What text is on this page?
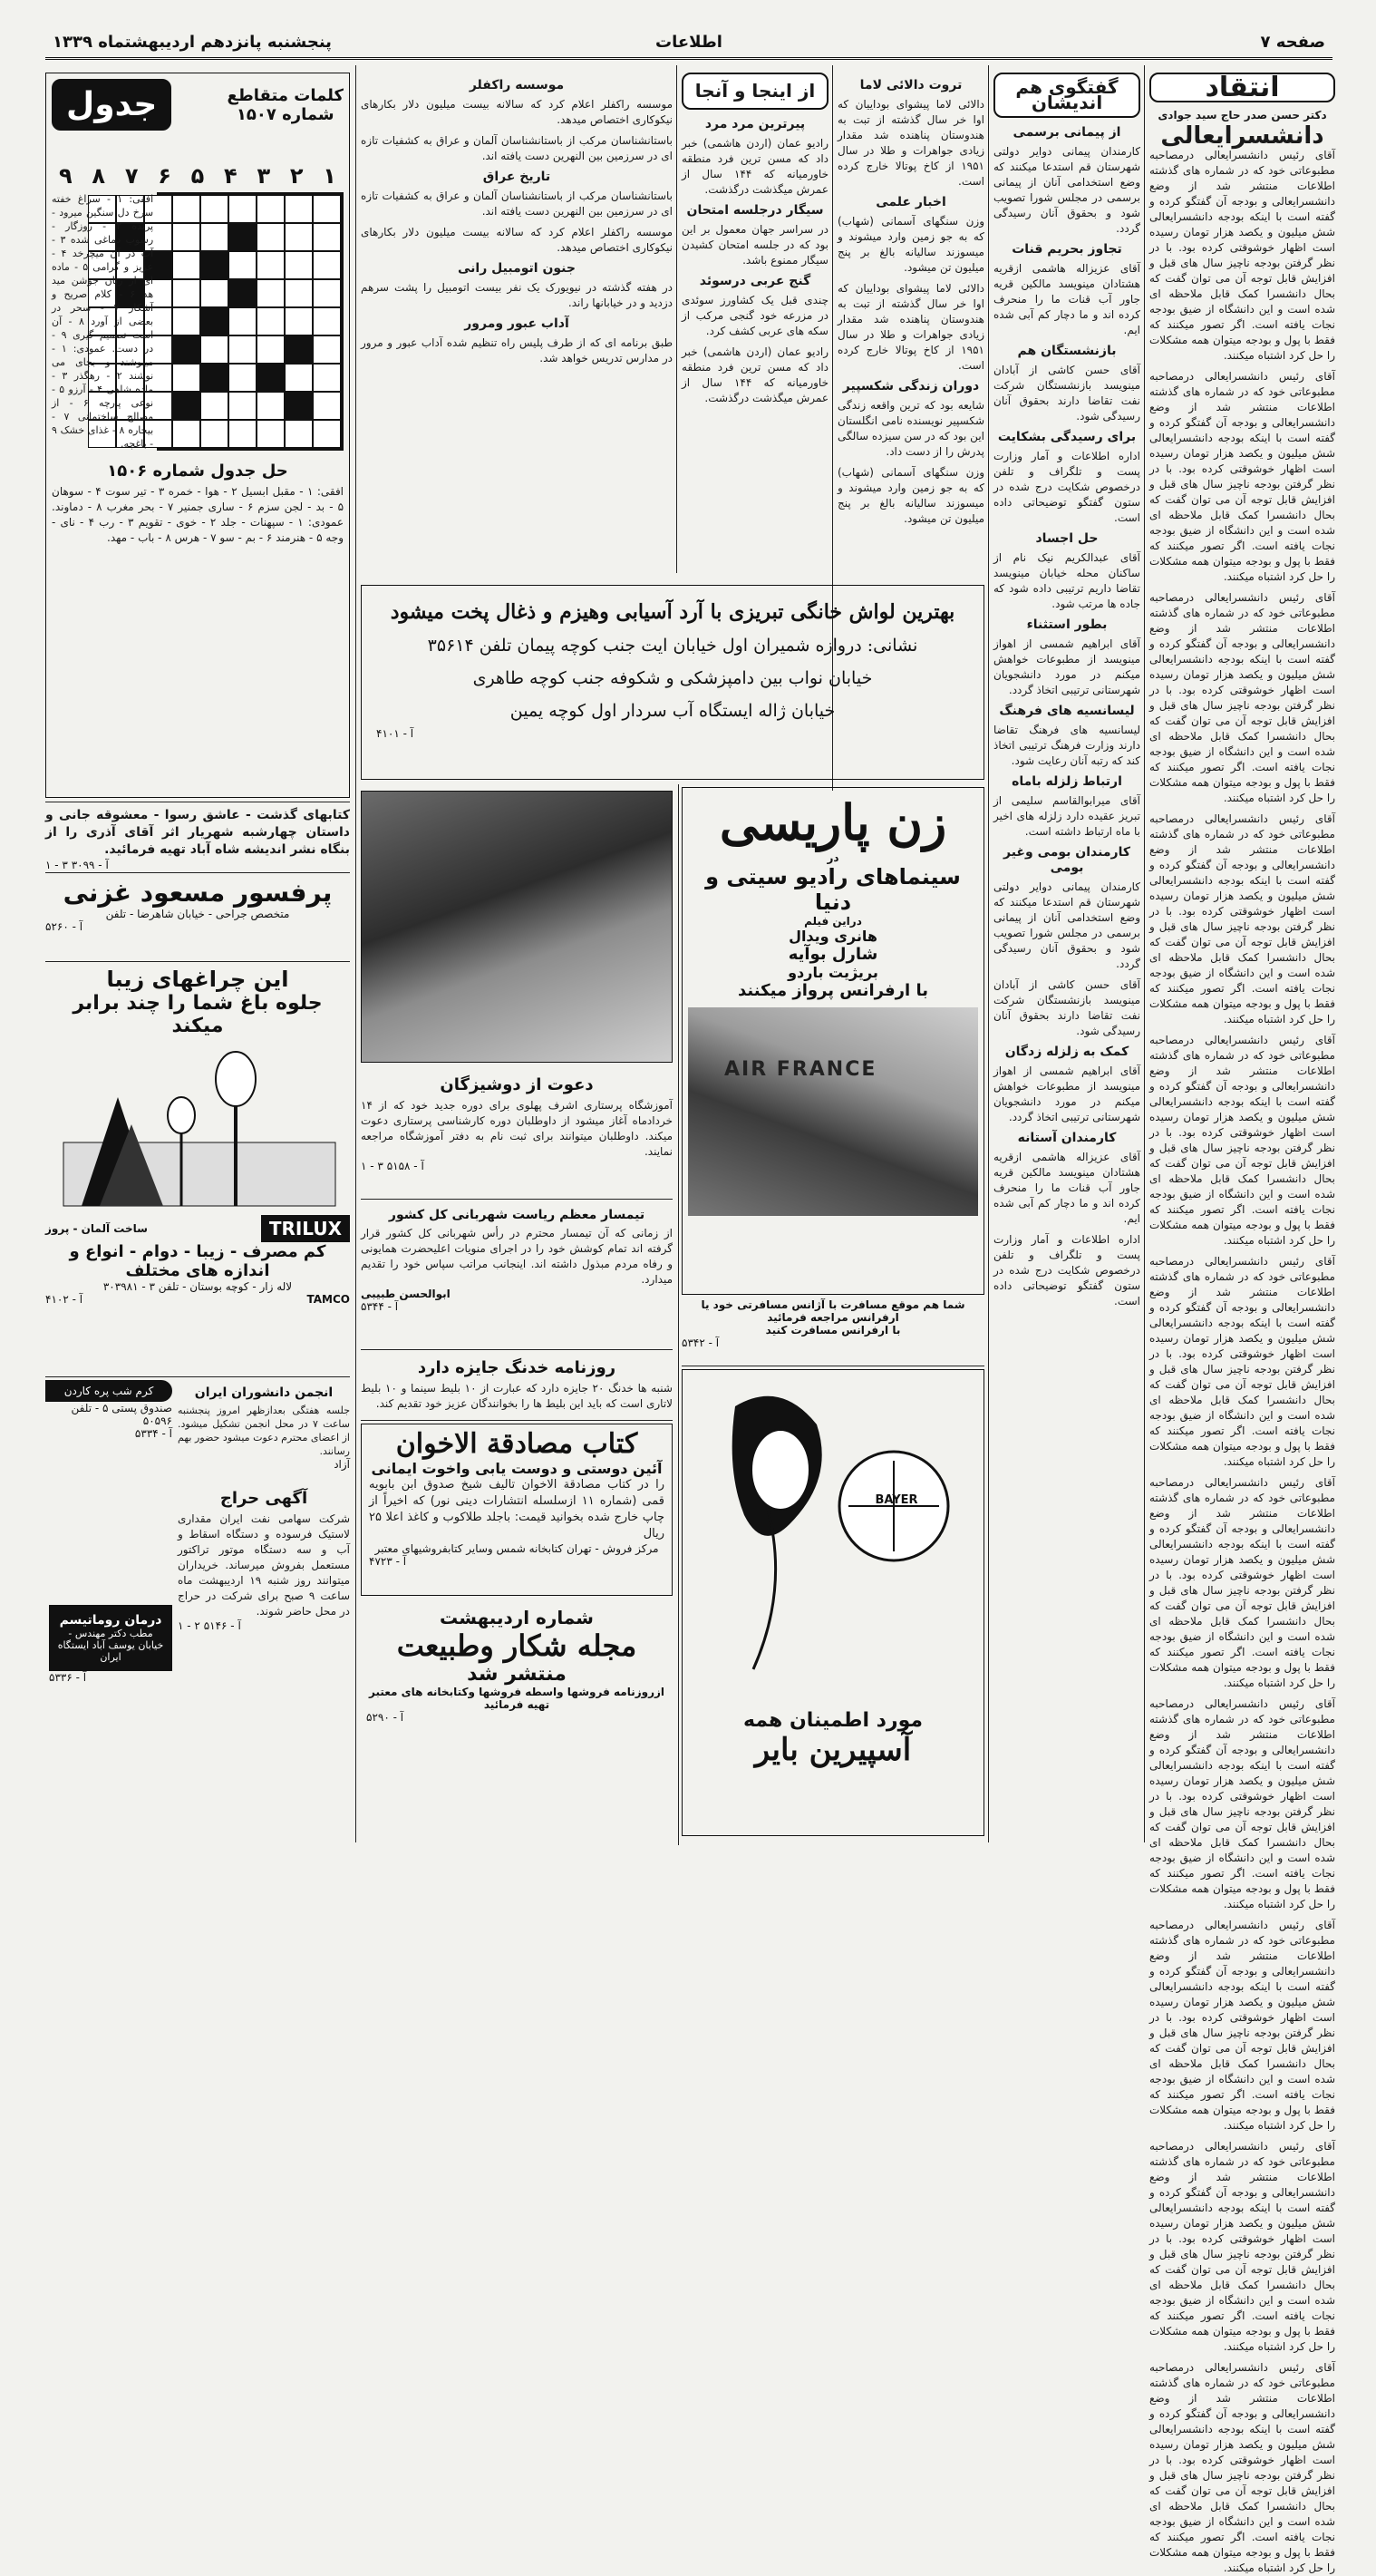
صفحه ۷
اطلاعات
پنجشنبه پانزدهم اردیبهشتماه ۱۳۳۹
انتقاد
دکتر حسن صدر حاج سید جوادی
دانشسرایعالی

آقای رئیس دانشسرایعالی درمصاحبه مطبوعاتی خود که در شماره های گذشته اطلاعات منتشر شد از وضع دانشسرایعالی و بودجه آن گفتگو کرده و گفته است با اینکه بودجه دانشسرایعالی شش میلیون و یکصد هزار تومان رسیده است اظهار خوشوقتی کرده بود. با در نظر گرفتن بودجه ناچیز سال های قبل و افزایش قابل توجه آن می توان گفت که بحال دانشسرا کمک قابل ملاحظه ای شده است و این دانشگاه از ضیق بودجه نجات یافته است. اگر تصور میکنند که فقط با پول و بودجه میتوان همه مشکلات را حل کرد اشتباه میکنند.

آقای رئیس دانشسرایعالی درمصاحبه مطبوعاتی خود که در شماره های گذشته اطلاعات منتشر شد از وضع دانشسرایعالی و بودجه آن گفتگو کرده و گفته است با اینکه بودجه دانشسرایعالی شش میلیون و یکصد هزار تومان رسیده است اظهار خوشوقتی کرده بود. با در نظر گرفتن بودجه ناچیز سال های قبل و افزایش قابل توجه آن می توان گفت که بحال دانشسرا کمک قابل ملاحظه ای شده است و این دانشگاه از ضیق بودجه نجات یافته است. اگر تصور میکنند که فقط با پول و بودجه میتوان همه مشکلات را حل کرد اشتباه میکنند.

آقای رئیس دانشسرایعالی درمصاحبه مطبوعاتی خود که در شماره های گذشته اطلاعات منتشر شد از وضع دانشسرایعالی و بودجه آن گفتگو کرده و گفته است با اینکه بودجه دانشسرایعالی شش میلیون و یکصد هزار تومان رسیده است اظهار خوشوقتی کرده بود. با در نظر گرفتن بودجه ناچیز سال های قبل و افزایش قابل توجه آن می توان گفت که بحال دانشسرا کمک قابل ملاحظه ای شده است و این دانشگاه از ضیق بودجه نجات یافته است. اگر تصور میکنند که فقط با پول و بودجه میتوان همه مشکلات را حل کرد اشتباه میکنند.

آقای رئیس دانشسرایعالی درمصاحبه مطبوعاتی خود که در شماره های گذشته اطلاعات منتشر شد از وضع دانشسرایعالی و بودجه آن گفتگو کرده و گفته است با اینکه بودجه دانشسرایعالی شش میلیون و یکصد هزار تومان رسیده است اظهار خوشوقتی کرده بود. با در نظر گرفتن بودجه ناچیز سال های قبل و افزایش قابل توجه آن می توان گفت که بحال دانشسرا کمک قابل ملاحظه ای شده است و این دانشگاه از ضیق بودجه نجات یافته است. اگر تصور میکنند که فقط با پول و بودجه میتوان همه مشکلات را حل کرد اشتباه میکنند.

آقای رئیس دانشسرایعالی درمصاحبه مطبوعاتی خود که در شماره های گذشته اطلاعات منتشر شد از وضع دانشسرایعالی و بودجه آن گفتگو کرده و گفته است با اینکه بودجه دانشسرایعالی شش میلیون و یکصد هزار تومان رسیده است اظهار خوشوقتی کرده بود. با در نظر گرفتن بودجه ناچیز سال های قبل و افزایش قابل توجه آن می توان گفت که بحال دانشسرا کمک قابل ملاحظه ای شده است و این دانشگاه از ضیق بودجه نجات یافته است. اگر تصور میکنند که فقط با پول و بودجه میتوان همه مشکلات را حل کرد اشتباه میکنند.

آقای رئیس دانشسرایعالی درمصاحبه مطبوعاتی خود که در شماره های گذشته اطلاعات منتشر شد از وضع دانشسرایعالی و بودجه آن گفتگو کرده و گفته است با اینکه بودجه دانشسرایعالی شش میلیون و یکصد هزار تومان رسیده است اظهار خوشوقتی کرده بود. با در نظر گرفتن بودجه ناچیز سال های قبل و افزایش قابل توجه آن می توان گفت که بحال دانشسرا کمک قابل ملاحظه ای شده است و این دانشگاه از ضیق بودجه نجات یافته است. اگر تصور میکنند که فقط با پول و بودجه میتوان همه مشکلات را حل کرد اشتباه میکنند.

آقای رئیس دانشسرایعالی درمصاحبه مطبوعاتی خود که در شماره های گذشته اطلاعات منتشر شد از وضع دانشسرایعالی و بودجه آن گفتگو کرده و گفته است با اینکه بودجه دانشسرایعالی شش میلیون و یکصد هزار تومان رسیده است اظهار خوشوقتی کرده بود. با در نظر گرفتن بودجه ناچیز سال های قبل و افزایش قابل توجه آن می توان گفت که بحال دانشسرا کمک قابل ملاحظه ای شده است و این دانشگاه از ضیق بودجه نجات یافته است. اگر تصور میکنند که فقط با پول و بودجه میتوان همه مشکلات را حل کرد اشتباه میکنند.

آقای رئیس دانشسرایعالی درمصاحبه مطبوعاتی خود که در شماره های گذشته اطلاعات منتشر شد از وضع دانشسرایعالی و بودجه آن گفتگو کرده و گفته است با اینکه بودجه دانشسرایعالی شش میلیون و یکصد هزار تومان رسیده است اظهار خوشوقتی کرده بود. با در نظر گرفتن بودجه ناچیز سال های قبل و افزایش قابل توجه آن می توان گفت که بحال دانشسرا کمک قابل ملاحظه ای شده است و این دانشگاه از ضیق بودجه نجات یافته است. اگر تصور میکنند که فقط با پول و بودجه میتوان همه مشکلات را حل کرد اشتباه میکنند.

آقای رئیس دانشسرایعالی درمصاحبه مطبوعاتی خود که در شماره های گذشته اطلاعات منتشر شد از وضع دانشسرایعالی و بودجه آن گفتگو کرده و گفته است با اینکه بودجه دانشسرایعالی شش میلیون و یکصد هزار تومان رسیده است اظهار خوشوقتی کرده بود. با در نظر گرفتن بودجه ناچیز سال های قبل و افزایش قابل توجه آن می توان گفت که بحال دانشسرا کمک قابل ملاحظه ای شده است و این دانشگاه از ضیق بودجه نجات یافته است. اگر تصور میکنند که فقط با پول و بودجه میتوان همه مشکلات را حل کرد اشتباه میکنند.

آقای رئیس دانشسرایعالی درمصاحبه مطبوعاتی خود که در شماره های گذشته اطلاعات منتشر شد از وضع دانشسرایعالی و بودجه آن گفتگو کرده و گفته است با اینکه بودجه دانشسرایعالی شش میلیون و یکصد هزار تومان رسیده است اظهار خوشوقتی کرده بود. با در نظر گرفتن بودجه ناچیز سال های قبل و افزایش قابل توجه آن می توان گفت که بحال دانشسرا کمک قابل ملاحظه ای شده است و این دانشگاه از ضیق بودجه نجات یافته است. اگر تصور میکنند که فقط با پول و بودجه میتوان همه مشکلات را حل کرد اشتباه میکنند.

آقای رئیس دانشسرایعالی درمصاحبه مطبوعاتی خود که در شماره های گذشته اطلاعات منتشر شد از وضع دانشسرایعالی و بودجه آن گفتگو کرده و گفته است با اینکه بودجه دانشسرایعالی شش میلیون و یکصد هزار تومان رسیده است اظهار خوشوقتی کرده بود. با در نظر گرفتن بودجه ناچیز سال های قبل و افزایش قابل توجه آن می توان گفت که بحال دانشسرا کمک قابل ملاحظه ای شده است و این دانشگاه از ضیق بودجه نجات یافته است. اگر تصور میکنند که فقط با پول و بودجه میتوان همه مشکلات را حل کرد اشتباه میکنند.

گفتگوی هم اندیشان
از پیمانی برسمی

کارمندان پیمانی دوایر دولتی شهرستان قم استدعا میکنند که وضع استخدامی آنان از پیمانی برسمی در مجلس شورا تصویب شود و بحقوق آنان رسیدگی گردد.

تجاوز بحریم قنات

آقای عزیزاله هاشمی ازقریه هشتادان مینویسد مالکین قریه جاور آب قنات ما را منحرف کرده اند و ما دچار کم آبی شده ایم.

بازنشستگان هم

آقای حسن کاشی از آبادان مینویسد بازنشستگان شرکت نفت تقاضا دارند بحقوق آنان رسیدگی شود.

برای رسیدگی بشکایت

اداره اطلاعات و آمار وزارت پست و تلگراف و تلفن درخصوص شکایت درج شده در ستون گفتگو توضیحاتی داده است.

حل اجساد

آقای عبدالکریم نیک نام از ساکنان محله خیابان مینویسد تقاضا داریم ترتیبی داده شود که جاده ها مرتب شود.

بطور استثناء

آقای ابراهیم شمسی از اهواز مینویسد از مطبوعات خواهش میکنم در مورد دانشجویان شهرستانی ترتیبی اتخاذ گردد.

لیسانسیه های فرهنگ

لیسانسیه های فرهنگ تقاضا دارند وزارت فرهنگ ترتیبی اتخاذ کند که رتبه آنان رعایت شود.

ارتباط زلزله باماه

آقای میرابوالقاسم سلیمی از تبریز عقیده دارد زلزله های اخیر با ماه ارتباط داشته است.

کارمندان بومی وغیر بومی

کارمندان پیمانی دوایر دولتی شهرستان قم استدعا میکنند که وضع استخدامی آنان از پیمانی برسمی در مجلس شورا تصویب شود و بحقوق آنان رسیدگی گردد.

آقای حسن کاشی از آبادان مینویسد بازنشستگان شرکت نفت تقاضا دارند بحقوق آنان رسیدگی شود.

کمک به زلزله زدگان

آقای ابراهیم شمسی از اهواز مینویسد از مطبوعات خواهش میکنم در مورد دانشجویان شهرستانی ترتیبی اتخاذ گردد.

کارمندان آستانه

آقای عزیزاله هاشمی ازقریه هشتادان مینویسد مالکین قریه جاور آب قنات ما را منحرف کرده اند و ما دچار کم آبی شده ایم.

اداره اطلاعات و آمار وزارت پست و تلگراف و تلفن درخصوص شکایت درج شده در ستون گفتگو توضیحاتی داده است.

تروت دالائی لاما

دالائی لاما پیشوای بوداییان که اوا خر سال گذشته از تبت به هندوستان پناهنده شد مقدار زیادی جواهرات و طلا در سال ۱۹۵۱ از کاخ پوتالا خارج کرده است.

اخبار علمی

وزن سنگهای آسمانی (شهاب) که به جو زمین وارد میشوند و میسوزند سالیانه بالغ بر پنج میلیون تن میشود.

دالائی لاما پیشوای بوداییان که اوا خر سال گذشته از تبت به هندوستان پناهنده شد مقدار زیادی جواهرات و طلا در سال ۱۹۵۱ از کاخ پوتالا خارج کرده است.

دوران زندگی شکسپیر

شایعه بود که ترین واقعه زندگی شکسپیر نویسنده نامی انگلستان این بود که در سن سیزده سالگی پدرش را از دست داد.

وزن سنگهای آسمانی (شهاب) که به جو زمین وارد میشوند و میسوزند سالیانه بالغ بر پنج میلیون تن میشود.

از اینجا و آنجا
پیرترین مرد مرد

رادیو عمان (اردن هاشمی) خبر داد که مسن ترین فرد منطقه خاورمیانه که ۱۴۴ سال از عمرش میگذشت درگذشت.

سیگار درجلسه امتحان

در سراسر جهان معمول بر این بود که در جلسه امتحان کشیدن سیگار ممنوع باشد.

گنج عربی درسوئد

چندی قبل یک کشاورز سوئدی در مزرعه خود گنجی مرکب از سکه های عربی کشف کرد.

رادیو عمان (اردن هاشمی) خبر داد که مسن ترین فرد منطقه خاورمیانه که ۱۴۴ سال از عمرش میگذشت درگذشت.

موسسه راکفلر

موسسه راکفلر اعلام کرد که سالانه بیست میلیون دلار بکارهای نیکوکاری اختصاص میدهد.

باستانشناسان مرکب از باستانشناسان آلمان و عراق به کشفیات تازه ای در سرزمین بین النهرین دست یافته اند.

تاریخ عراق

باستانشناسان مرکب از باستانشناسان آلمان و عراق به کشفیات تازه ای در سرزمین بین النهرین دست یافته اند.

موسسه راکفلر اعلام کرد که سالانه بیست میلیون دلار بکارهای نیکوکاری اختصاص میدهد.

جنون اتومبیل رانی

در هفته گذشته در نیویورک یک نفر بیست اتومبیل را پشت سرهم دزدید و در خیابانها راند.

آداب عبور ومرور

طبق برنامه ای که از طرف پلیس راه تنظیم شده آداب عبور و مرور در مدارس تدریس خواهد شد.

کلمات متقاطع
شماره ۱۵۰۷
جدول
۹ ۸ ۷ ۶ ۵ ۴ ۳ ۲ ۱
افقی: ۱ - سراغ خفته سرخ دل سنگین میرود - پرنده ۲ - روزگار - رسوب دماغی شده ۳ - آب در آن میچرخد ۴ - عزیز و گرامی ۵ - ماده ای از زبان جوشن مید هد ۶ - کلام صریح و آشکار ۷ - سحر در بعضی از آورد ۸ - آن است تصمیم گیری ۹ - در دست. عمودی: ۱ - مینوشند و بجای می نوشند ۲ - رهگذر ۳ - ماده شاهی ۴ - آرزو ۵ - نوعی پارچه ۶ - از مصالح ساختمانی ۷ - بیچاره ۸ - غذای خشک ۹ - باغچه.
حل جدول شماره ۱۵۰۶
افقی: ۱ - مقبل ابسیل ۲ - هوا - خمره ۳ - تیر سوت ۴ - سوهان ۵ - بد - لجن سزم ۶ - ساری جمنیر ۷ - بحر مغرب ۸ - دماوند. عمودی: ۱ - سپهنات - جلد ۲ - خوی - تقویم ۳ - رب ۴ - نای - وجه ۵ - هنرمند ۶ - بم - سو ۷ - هرس ۸ - باب - مهد.
کتابهای گذشت - عاشق رسوا - معشوقه جانی و داستان چهارشبه شهریار اثر آقای آذری را از بنگاه نشر اندیشه شاه آباد تهیه فرمائید.
آ - ۳۰۹۹ ۳ - ۱
پرفسور مسعود غزنی
متخصص جراحی - خیابان شاهرضا - تلفن
آ - ۵۲۶۰
این چراغهای زیبا
جلوه باغ شما را چند برابر میکند
TRILUX
ساخت آلمان - پروز
کم مصرف - زیبا - دوام - انواع و اندازه های مختلف
لاله زار - کوچه بوستان - تلفن ۳ - ۳۰۳۹۸۱
TAMCO
آ - ۴۱۰۲
کرم شب پره کاردن
صندوق پستی ۵ - تلفن ۵۰۵۹۶
آ - ۵۳۳۴
انجمن دانشوران ایران
جلسه هفتگی بعدازظهر امروز پنجشنبه ساعت ۷ در محل انجمن تشکیل میشود. از اعضای محترم دعوت میشود حضور بهم رسانند.
آزاد
آگهی حراج
شرکت سهامی نفت ایران مقداری لاستیک فرسوده و دستگاه اسقاط و آب و سه دستگاه موتور تراکتور مستعمل بفروش میرساند. خریداران میتوانند روز شنبه ۱۹ اردیبهشت ماه ساعت ۹ صبح برای شرکت در حراج در محل حاضر شوند.
آ - ۵۱۴۶ ۲ - ۱
درمان روماتیسم
مطب دکتر مهندس - خیابان یوسف آباد ایستگاه ایران
آ - ۵۳۳۶
بهترین لواش خانگی تبریزی با آرد آسیابی وهیزم و ذغال پخت میشود
نشانی: دروازه شمیران اول خیابان ایت جنب کوچه پیمان تلفن ۳۵۶۱۴
خیابان نواب بین دامپزشکی و شکوفه جنب کوچه طاهری
خیابان ژاله ایستگاه آب سردار اول کوچه یمین
آ - ۴۱۰۱
دعوت از دوشیزگان
آموزشگاه پرستاری اشرف پهلوی برای دوره جدید خود که از ۱۴ خردادماه آغاز میشود از داوطلبان دوره کارشناسی پرستاری دعوت میکند. داوطلبان میتوانند برای ثبت نام به دفتر آموزشگاه مراجعه نمایند.
آ - ۵۱۵۸ ۳ - ۱
تیمسار معظم ریاست شهربانی کل کشور
از زمانی که آن تیمسار محترم در رأس شهربانی کل کشور قرار گرفته اند تمام کوشش خود را در اجرای منویات اعلیحضرت همایونی و رفاه مردم مبذول داشته اند. اینجانب مراتب سپاس خود را تقدیم میدارد.
ابوالحسن طبیبی
آ - ۵۳۴۴
روزنامه خدنگ جایزه دارد
شنبه ها خدنگ ۲۰ جایزه دارد که عبارت از ۱۰ بلیط سینما و ۱۰ بلیط لاتاری است که باید این بلیط ها را بخوانندگان عزیز خود تقدیم کند.
کتاب مصادقة الاخوان
آئین دوستی و دوست یابی واخوت ایمانی
را در کتاب مصادقة الاخوان تالیف شیخ صدوق ابن بابویه قمی (شماره ۱۱ ازسلسله انتشارات دینی نور) که اخیراً از چاپ خارج شده بخوانید قیمت: باجلد طلاکوب و کاغذ اعلا ۲۵ ریال
مرکز فروش - تهران کتابخانه شمس وسایر کتابفروشیهای معتبر
آ - ۴۷۲۳
شماره اردیبهشت
مجله شکار وطبیعت
منتشر شد
ازروزنامه فروشها واسطه فروشها وکتابخانه های معتبر تهیه فرمائید
آ - ۵۲۹۰
زن پاریسی
در
سینماهای رادیو سیتی و دنیا
دراین فیلم
هانری ویدال
شارل بوآیه
بریژیت باردو
با ارفرانس پرواز میکنند
AIR FRANCE
شما هم موقع مسافرت با آژانس مسافرتی خود یا ارفرانس مراجعه فرمائید
با ارفرانس مسافرت کنید
آ - ۵۳۴۲
BAYER
مورد اطمینان همه
آسپیرین بایر
